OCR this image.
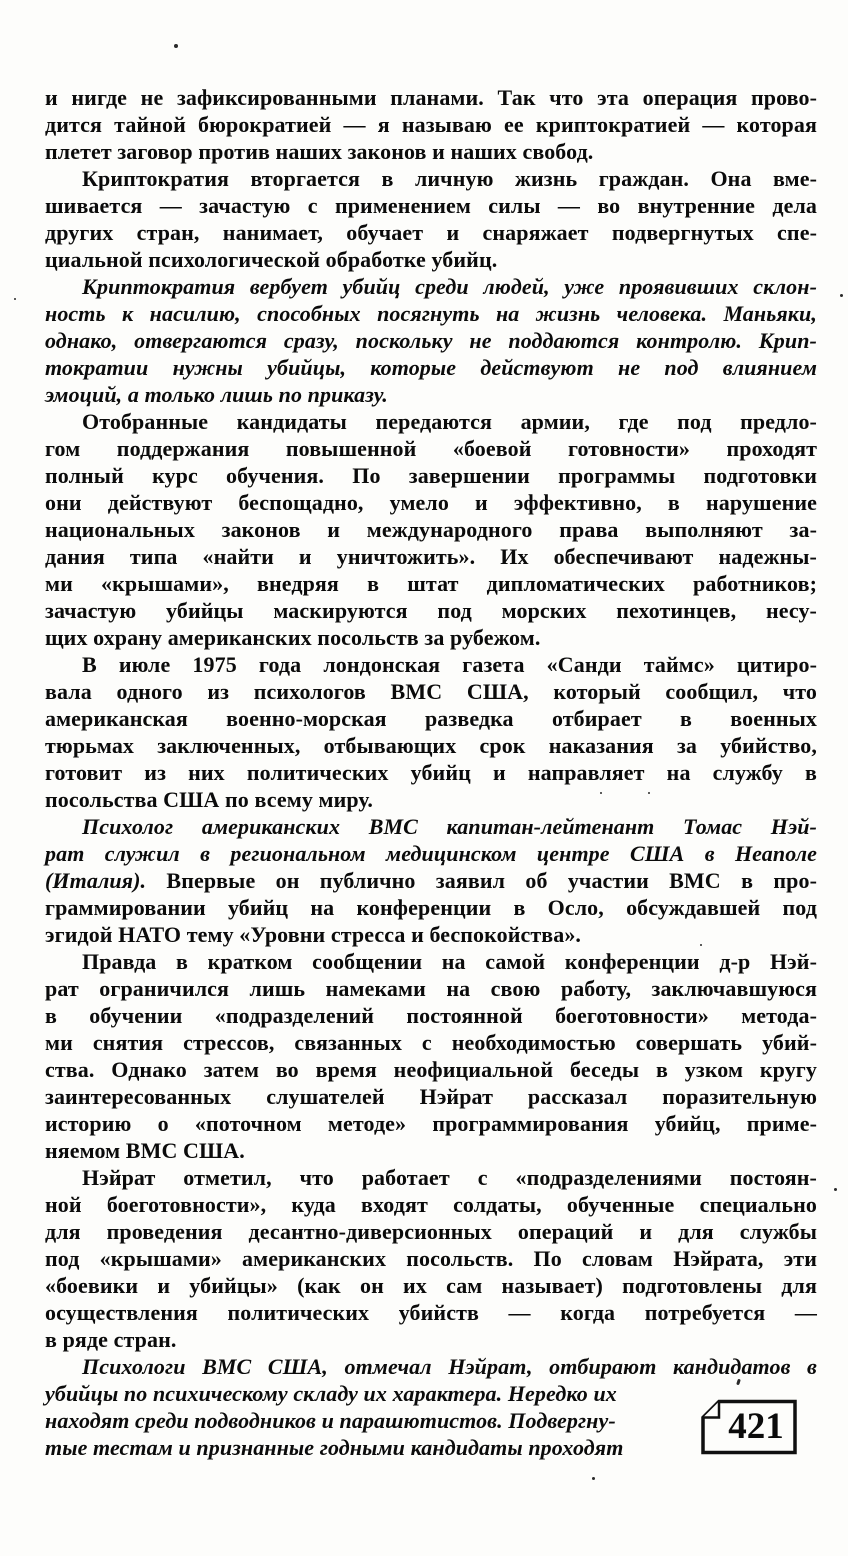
и нигде не зафиксированными планами. Так что эта операция прово-
дится тайной бюрократией — я называю ее криптократией — которая
плетет заговор против наших законов и наших свобод.
Криптократия вторгается в личную жизнь граждан. Она вме-
шивается — зачастую с применением силы — во внутренние дела
других стран, нанимает, обучает и снаряжает подвергнутых спе-
циальной психологической обработке убийц.
Криптократия вербует убийц среди людей, уже проявивших склон-
ность к насилию, способных посягнуть на жизнь человека. Маньяки,
однако, отвергаются сразу, поскольку не поддаются контролю. Крип-
тократии нужны убийцы, которые действуют не под влиянием
эмоций, а только лишь по приказу.
Отобранные кандидаты передаются армии, где под предло-
гом поддержания повышенной «боевой готовности» проходят
полный курс обучения. По завершении программы подготовки
они действуют беспощадно, умело и эффективно, в нарушение
национальных законов и международного права выполняют за-
дания типа «найти и уничтожить». Их обеспечивают надежны-
ми «крышами», внедряя в штат дипломатических работников;
зачастую убийцы маскируются под морских пехотинцев, несу-
щих охрану американских посольств за рубежом.
В июле 1975 года лондонская газета «Санди таймс» цитиро-
вала одного из психологов ВМС США, который сообщил, что
американская военно-морская разведка отбирает в военных
тюрьмах заключенных, отбывающих срок наказания за убийство,
готовит из них политических убийц и направляет на службу в
посольства США по всему миру.
Психолог американских ВМС капитан-лейтенант Томас Нэй-
рат служил в региональном медицинском центре США в Неаполе
(Италия). Впервые он публично заявил об участии ВМС в про-
граммировании убийц на конференции в Осло, обсуждавшей под
эгидой НАТО тему «Уровни стресса и беспокойства».
Правда в кратком сообщении на самой конференции д-р Нэй-
рат ограничился лишь намеками на свою работу, заключавшуюся
в обучении «подразделений постоянной боеготовности» метода-
ми снятия стрессов, связанных с необходимостью совершать убий-
ства. Однако затем во время неофициальной беседы в узком кругу
заинтересованных слушателей Нэйрат рассказал поразительную
историю о «поточном методе» программирования убийц, приме-
няемом ВМС США.
Нэйрат отметил, что работает с «подразделениями постоян-
ной боеготовности», куда входят солдаты, обученные специально
для проведения десантно-диверсионных операций и для службы
под «крышами» американских посольств. По словам Нэйрата, эти
«боевики и убийцы» (как он их сам называет) подготовлены для
осуществления политических убийств — когда потребуется —
в ряде стран.
Психологи ВМС США, отмечал Нэйрат, отбирают кандидатов в
убийцы по психическому складу их характера. Нередко их
находят среди подводников и парашютистов. Подвергну-
тые тестам и признанные годными кандидаты проходят
421
